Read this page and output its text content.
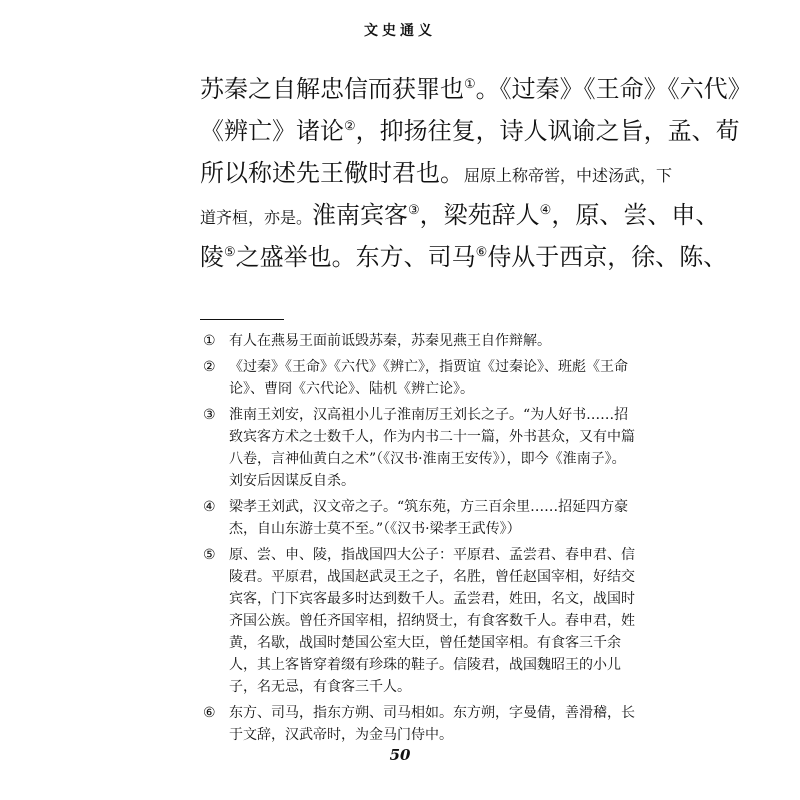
文史通义
苏秦之自解忠信而获罪也①。《过秦》《王命》《六代》
《辨亡》诸论②，抑扬往复，诗人讽谕之旨，孟、荀
所以称述先王儆时君也。屈原上称帝喾，中述汤武，下
道齐桓，亦是。淮南宾客③，梁苑辞人④，原、尝、申、
陵⑤之盛举也。东方、司马⑥侍从于西京，徐、陈、
① 有人在燕易王面前诋毁苏秦，苏秦见燕王自作辩解。
② 《过秦》《王命》《六代》《辨亡》，指贾谊《过秦论》、班彪《王命
论》、曹冏《六代论》、陆机《辨亡论》。
③ 淮南王刘安，汉高祖小儿子淮南厉王刘长之子。“为人好书……招
致宾客方术之士数千人，作为内书二十一篇，外书甚众，又有中篇
八卷，言神仙黄白之术”（《汉书·淮南王安传》），即今《淮南子》。
刘安后因谋反自杀。
④ 梁孝王刘武，汉文帝之子。“筑东苑，方三百余里……招延四方豪
杰，自山东游士莫不至。”（《汉书·梁孝王武传》）
⑤ 原、尝、申、陵，指战国四大公子：平原君、孟尝君、春申君、信
陵君。平原君，战国赵武灵王之子，名胜，曾任赵国宰相，好结交
宾客，门下宾客最多时达到数千人。孟尝君，姓田，名文，战国时
齐国公族。曾任齐国宰相，招纳贤士，有食客数千人。春申君，姓
黄，名歇，战国时楚国公室大臣，曾任楚国宰相。有食客三千余
人，其上客皆穿着缀有珍珠的鞋子。信陵君，战国魏昭王的小儿
子，名无忌，有食客三千人。
⑥ 东方、司马，指东方朔、司马相如。东方朔，字曼倩，善滑稽，长
于文辞，汉武帝时，为金马门侍中。
50
